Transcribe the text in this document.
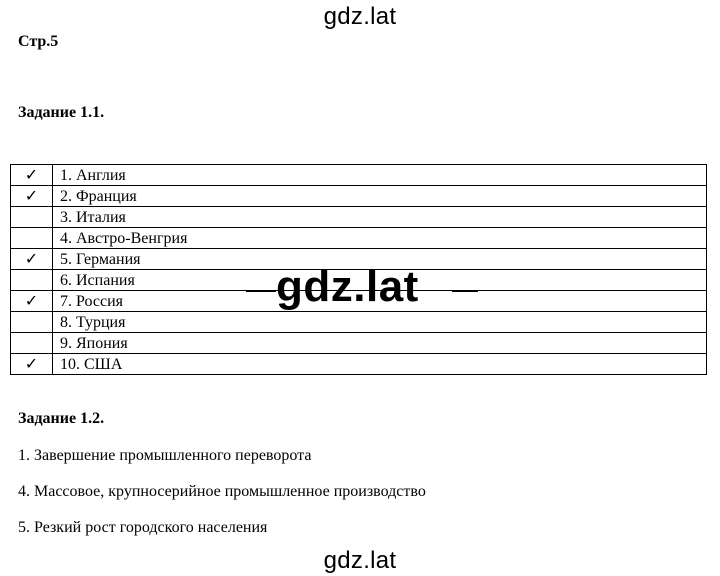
gdz.lat
Стр.5
Задание 1.1.
✓	1. Англия
✓	2. Франция
	3. Италия
	4. Австро-Венгрия
✓	5. Германия
	6. Испания
✓	7. Россия
	8. Турция
	9. Япония
✓	10. США
gdz.lat
Задание 1.2.
1. Завершение промышленного переворота
4. Массовое, крупносерийное промышленное производство
5. Резкий рост городского населения
gdz.lat
